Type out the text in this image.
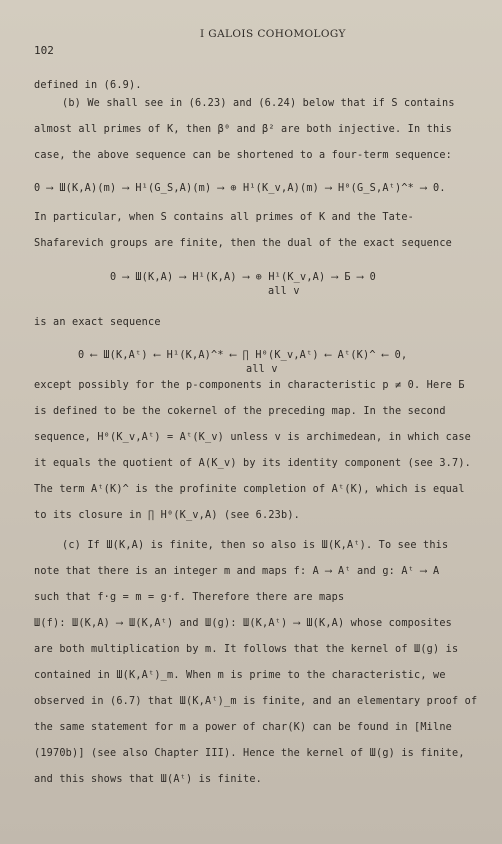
102
I GALOIS COHOMOLOGY
defined in (6.9).
(b) We shall see in (6.23) and (6.24) below that if S contains
almost all primes of K, then β⁰ and β² are both injective. In this
case, the above sequence can be shortened to a four-term sequence:
0 ⟶ Ш(K,A)(m) ⟶ H¹(G_S,A)(m) ⟶ ⊕ H¹(K_v,A)(m) ⟶ H⁰(G_S,Aᵗ)^* ⟶ 0.
In particular, when S contains all primes of K and the Tate-
Shafarevich groups are finite, then the dual of the exact sequence
0 ⟶ Ш(K,A) ⟶ H¹(K,A) ⟶ ⊕ H¹(K_v,A) ⟶ Б ⟶ 0
all v
is an exact sequence
0 ⟵ Ш(K,Aᵗ) ⟵ H¹(K,A)^* ⟵ ∏ H⁰(K_v,Aᵗ) ⟵ Aᵗ(K)^ ⟵ 0,
all v
except possibly for the p-components in characteristic p ≠ 0. Here Б
is defined to be the cokernel of the preceding map. In the second
sequence, H⁰(K_v,Aᵗ) = Aᵗ(K_v) unless v is archimedean, in which case
it equals the quotient of A(K_v) by its identity component (see 3.7).
The term Aᵗ(K)^ is the profinite completion of Aᵗ(K), which is equal
to its closure in ∏ H⁰(K_v,A) (see 6.23b).
(c) If Ш(K,A) is finite, then so also is Ш(K,Aᵗ). To see this
note that there is an integer m and maps f: A ⟶ Aᵗ and g: Aᵗ ⟶ A
such that f·g = m = g·f. Therefore there are maps
Ш(f): Ш(K,A) ⟶ Ш(K,Aᵗ) and Ш(g): Ш(K,Aᵗ) ⟶ Ш(K,A) whose composites
are both multiplication by m. It follows that the kernel of Ш(g) is
contained in Ш(K,Aᵗ)_m. When m is prime to the characteristic, we
observed in (6.7) that Ш(K,Aᵗ)_m is finite, and an elementary proof of
the same statement for m a power of char(K) can be found in [Milne
(1970b)] (see also Chapter III). Hence the kernel of Ш(g) is finite,
and this shows that Ш(Aᵗ) is finite.
